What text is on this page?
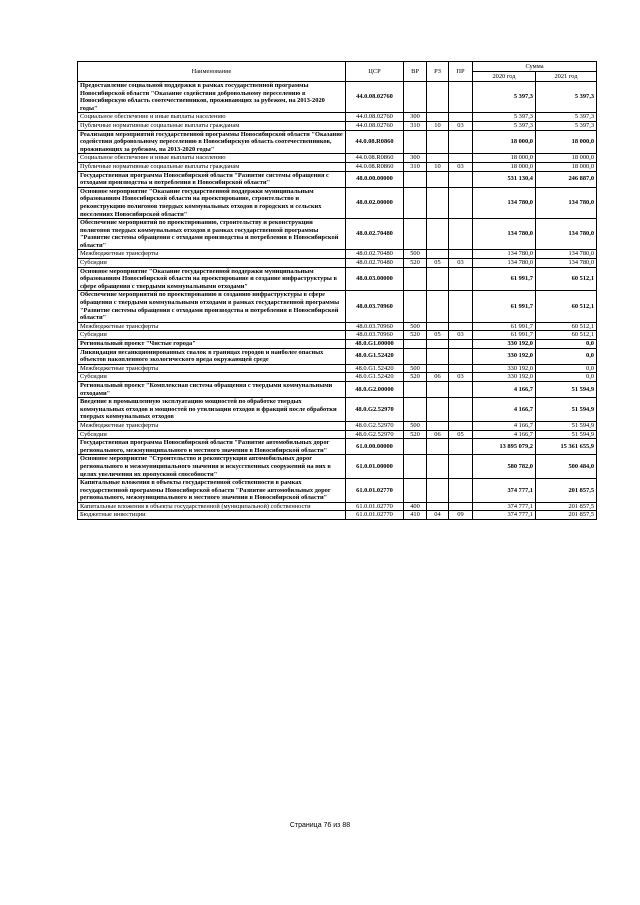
Наименование	ЦСР	ВР	РЗ	ПР	Сумма	
					2020 год	2021 год
Предоставление социальной поддержки в рамках государственной программы Новосибирской области "Оказание содействия добровольному переселению в Новосибирскую область соотечественников, проживающих за рубежом, на 2013-2020 годы"	44.0.08.02760				5 397,3	5 397,3
Социальное обеспечение и иные выплаты населению	44.0.08.02760	300			5 397,3	5 397,3
Публичные нормативные социальные выплаты гражданам	44.0.08.02760	310	10	03	5 397,3	5 397,3
Реализация мероприятий государственной программы Новосибирской области "Оказание содействия добровольному переселению в Новосибирскую область соотечественников, проживающих за рубежом, на 2013-2020 годы"	44.0.08.R0860				18 000,0	18 000,0
Социальное обеспечение и иные выплаты населению	44.0.08.R0860	300			18 000,0	18 000,0
Публичные нормативные социальные выплаты гражданам	44.0.08.R0860	310	10	03	18 000,0	18 000,0
Государственная программа Новосибирской области "Развитие системы обращения с отходами производства и потребления в Новосибирской области"	48.0.00.00000				531 130,4	246 887,0
Основное мероприятие "Оказание государственной поддержки муниципальным образованиям Новосибирской области на проектирование, строительство и реконструкцию полигонов твердых коммунальных отходов в городских и сельских поселениях Новосибирской области"	48.0.02.00000				134 780,0	134 780,0
Обеспечение мероприятий по проектированию, строительству и реконструкции полигонов твердых коммунальных отходов в рамках государственной программы "Развитие системы обращения с отходами производства и потребления в Новосибирской области"	48.0.02.70480				134 780,0	134 780,0
Межбюджетные трансферты	48.0.02.70480	500			134 780,0	134 780,0
Субсидии	48.0.02.70480	520	05	03	134 780,0	134 780,0
Основное мероприятие "Оказание государственной поддержки муниципальным образованиям Новосибирской области на проектирование и создание инфраструктуры в сфере обращения с твердыми коммунальными отходами"	48.0.03.00000				61 991,7	60 512,1
Обеспечение мероприятий по проектированию и созданию инфраструктуры в сфере обращения с твердыми коммунальными отходами в рамках государственной программы "Развитие системы обращения с отходами производства и потребления в Новосибирской области"	48.0.03.70960				61 991,7	60 512,1
Межбюджетные трансферты	48.0.03.70960	500			61 991,7	60 512,1
Субсидии	48.0.03.70960	520	05	03	61 991,7	60 512,1
Региональный проект "Чистые города"	48.0.G1.00000				330 192,0	0,0
Ликвидация несанкционированных свалок в границах городов и наиболее опасных объектов накопленного экологического вреда окружающей среде	48.0.G1.52420				330 192,0	0,0
Межбюджетные трансферты	48.0.G1.52420	500			330 192,0	0,0
Субсидии	48.0.G1.52420	520	06	03	330 192,0	0,0
Региональный проект "Комплексная система обращения с твердыми коммунальными отходами"	48.0.G2.00000				4 166,7	51 594,9
Введение в промышленную эксплуатацию мощностей по обработке твердых коммунальных отходов и мощностей по утилизации отходов и фракций после обработки твердых коммунальных отходов	48.0.G2.52970				4 166,7	51 594,9
Межбюджетные трансферты	48.0.G2.52970	500			4 166,7	51 594,9
Субсидии	48.0.G2.52970	520	06	05	4 166,7	51 594,9
Государственная программа Новосибирской области "Развитие автомобильных дорог регионального, межмуниципального и местного значения в Новосибирской области"	61.0.00.00000				13 895 079,2	15 361 655,9
Основное мероприятие "Строительство и реконструкция автомобильных дорог регионального и межмуниципального значения и искусственных сооружений на них в целях увеличения их пропускной способности"	61.0.01.00000				580 782,0	500 484,0
Капитальные вложения в объекты государственной собственности в рамках государственной программы Новосибирской области "Развитие автомобильных дорог регионального, межмуниципального и местного значения в Новосибирской области"	61.0.01.02770				374 777,1	201 857,5
Капитальные вложения в объекты государственной (муниципальной) собственности	61.0.01.02770	400			374 777,1	201 857,5
Бюджетные инвестиции	61.0.01.02770	410	04	09	374 777,1	201 857,5
Страница 76 из 88
